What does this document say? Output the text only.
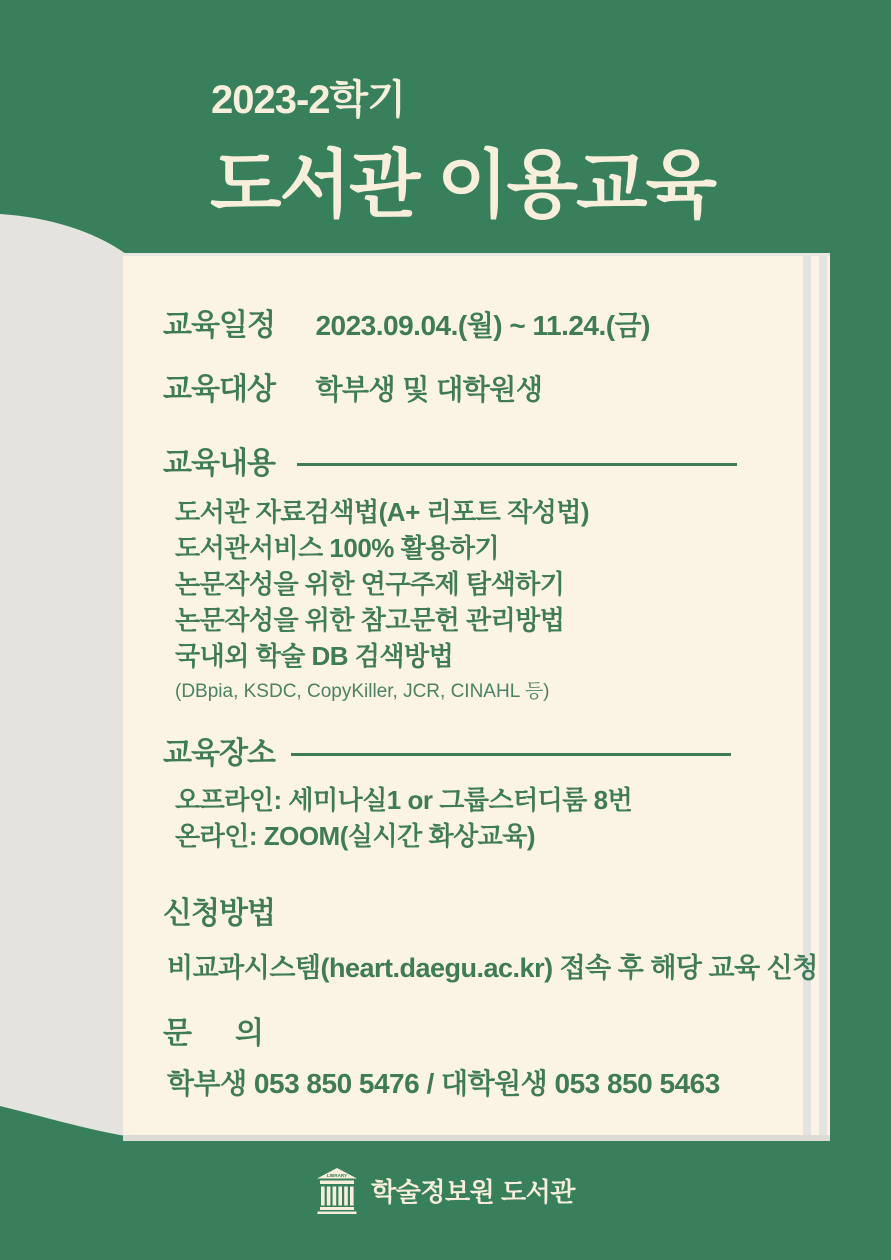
2023-2학기
도서관 이용교육
교육일정 2023.09.04.(월) ~ 11.24.(금)
교육대상 학부생 및 대학원생
교육내용
도서관 자료검색법(A+ 리포트 작성법)
도서관서비스 100% 활용하기
논문작성을 위한 연구주제 탐색하기
논문작성을 위한 참고문헌 관리방법
국내외 학술 DB 검색방법
(DBpia, KSDC, CopyKiller, JCR, CINAHL 등)
교육장소
오프라인: 세미나실1 or 그룹스터디룸 8번
온라인: ZOOM(실시간 화상교육)
신청방법
비교과시스템(heart.daegu.ac.kr) 접속 후 해당 교육 신청
문      의
학부생 053 850 5476 / 대학원생 053 850 5463
LIBRARY
학술정보원 도서관
